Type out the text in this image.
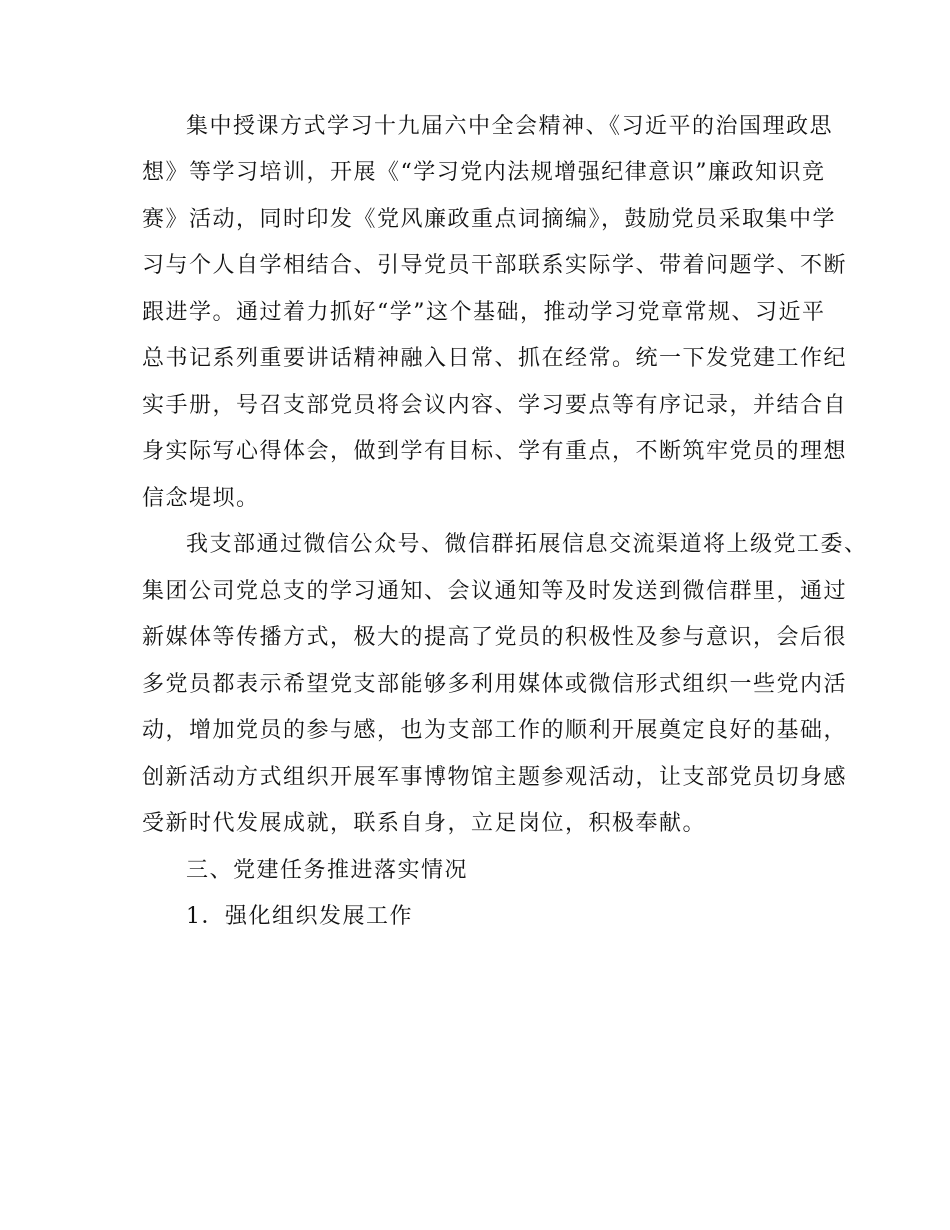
集中授课方式学习十九届六中全会精神、《习近平的治国理政思
想》等学习培训，开展《“学习党内法规增强纪律意识”廉政知识竞
赛》活动，同时印发《党风廉政重点词摘编》，鼓励党员采取集中学
习与个人自学相结合、引导党员干部联系实际学、带着问题学、不断
跟进学。通过着力抓好“学”这个基础，推动学习党章常规、习近平
总书记系列重要讲话精神融入日常、抓在经常。统一下发党建工作纪
实手册，号召支部党员将会议内容、学习要点等有序记录，并结合自
身实际写心得体会，做到学有目标、学有重点，不断筑牢党员的理想
信念堤坝。
我支部通过微信公众号、微信群拓展信息交流渠道将上级党工委、
集团公司党总支的学习通知、会议通知等及时发送到微信群里，通过
新媒体等传播方式，极大的提高了党员的积极性及参与意识，会后很
多党员都表示希望党支部能够多利用媒体或微信形式组织一些党内活
动，增加党员的参与感，也为支部工作的顺利开展奠定良好的基础，
创新活动方式组织开展军事博物馆主题参观活动，让支部党员切身感
受新时代发展成就，联系自身，立足岗位，积极奉献。
三、党建任务推进落实情况
1．强化组织发展工作
